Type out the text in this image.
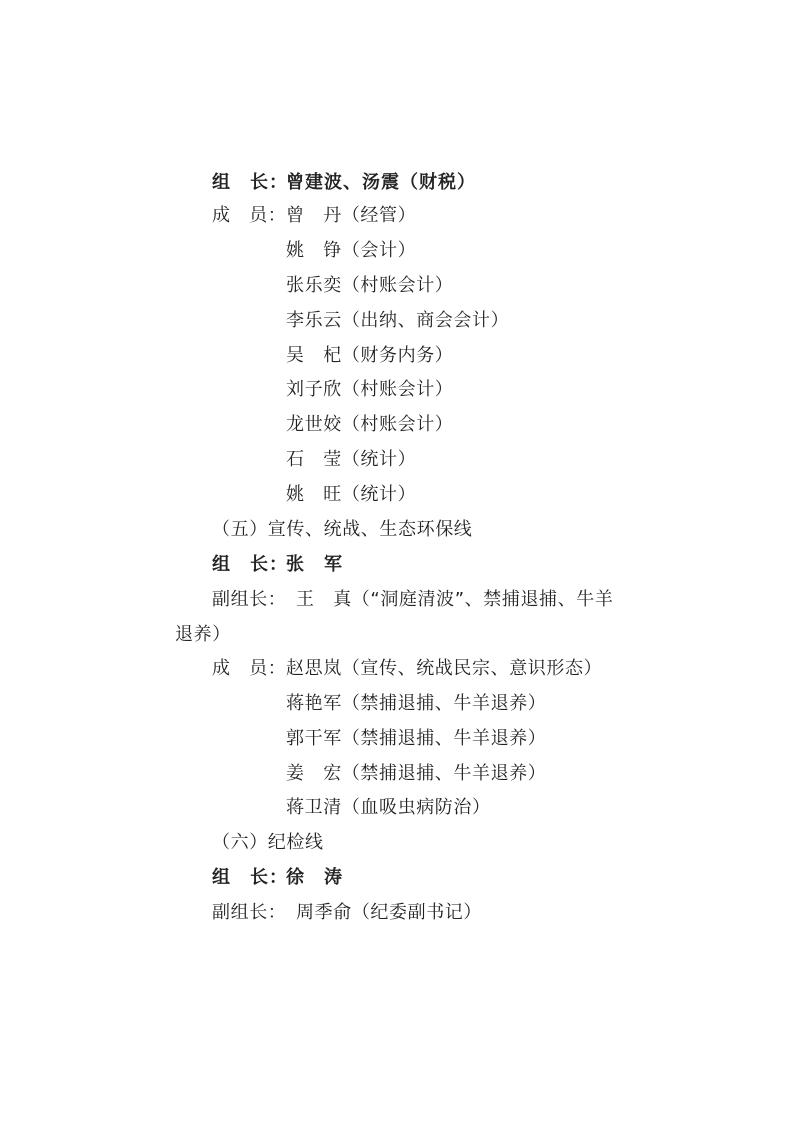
组　长：曾建波、汤震（财税）
成　员：曾　丹（经管）
姚　铮（会计）
张乐奕（村账会计）
李乐云（出纳、商会会计）
吴　杞（财务内务）
刘子欣（村账会计）
龙世姣（村账会计）
石　莹（统计）
姚　旺（统计）
（五）宣传、统战、生态环保线
组　长：张　军
副组长： 王　真（“洞庭清波”、禁捕退捕、牛羊
退养）
成　员：赵思岚（宣传、统战民宗、意识形态）
蒋艳军（禁捕退捕、牛羊退养）
郭干军（禁捕退捕、牛羊退养）
姜　宏（禁捕退捕、牛羊退养）
蒋卫清（血吸虫病防治）
（六）纪检线
组　长：徐　涛
副组长： 周季俞（纪委副书记）
